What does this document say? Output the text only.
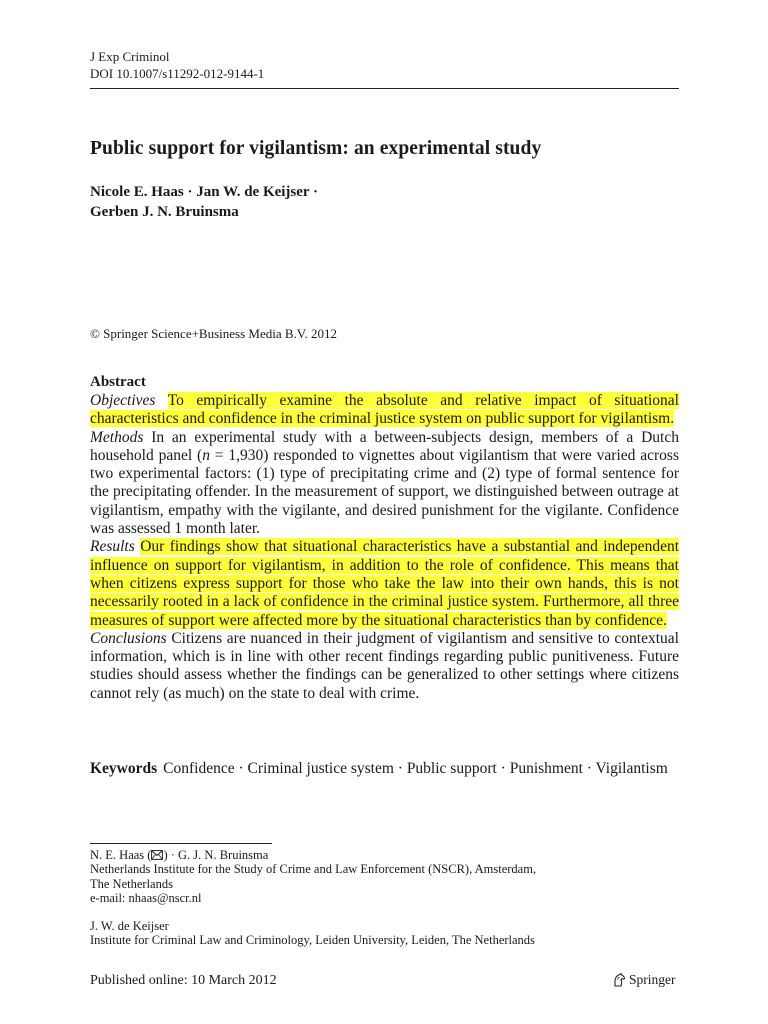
J Exp Criminol
DOI 10.1007/s11292-012-9144-1
Public support for vigilantism: an experimental study
Nicole E. Haas · Jan W. de Keijser ·
Gerben J. N. Bruinsma
© Springer Science+Business Media B.V. 2012
Abstract

Objectives To empirically examine the absolute and relative impact of situational characteristics and confidence in the criminal justice system on public support for vigilantism.

Methods In an experimental study with a between-subjects design, members of a Dutch household panel (n = 1,930) responded to vignettes about vigilantism that were varied across two experimental factors: (1) type of precipitating crime and (2) type of formal sentence for the precipitating offender. In the measurement of support, we distinguished between outrage at vigilantism, empathy with the vigilante, and desired punishment for the vigilante. Confidence was assessed 1 month later.

Results Our findings show that situational characteristics have a substantial and independent influence on support for vigilantism, in addition to the role of confidence. This means that when citizens express support for those who take the law into their own hands, this is not necessarily rooted in a lack of confidence in the criminal justice system. Furthermore, all three measures of support were affected more by the situational characteristics than by confidence.

Conclusions Citizens are nuanced in their judgment of vigilantism and sensitive to contextual information, which is in line with other recent findings regarding public punitiveness. Future studies should assess whether the findings can be generalized to other settings where citizens cannot rely (as much) on the state to deal with crime.

Keywords Confidence · Criminal justice system · Public support · Punishment · Vigilantism
N. E. Haas ( ) · G. J. N. Bruinsma
Netherlands Institute for the Study of Crime and Law Enforcement (NSCR), Amsterdam,
The Netherlands
e-mail: nhaas@nscr.nl
J. W. de Keijser
Institute for Criminal Law and Criminology, Leiden University, Leiden, The Netherlands
Published online: 10 March 2012	Springer
